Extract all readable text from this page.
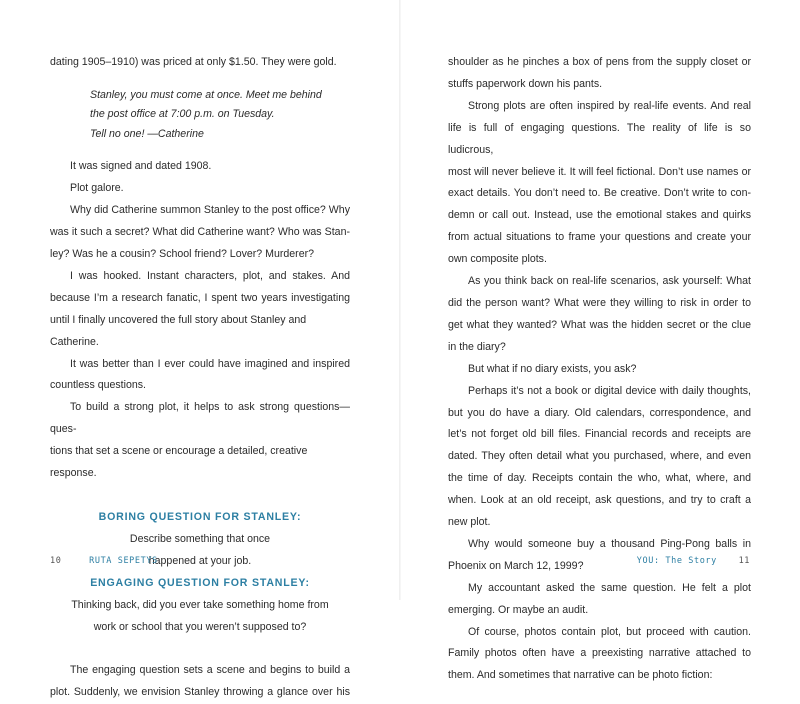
dating 1905–1910) was priced at only $1.50. They were gold.

Stanley, you must come at once. Meet me behind
the post office at 7:00 p.m. on Tuesday.
Tell no one! —Catherine

It was signed and dated 1908.

Plot galore.

Why did Catherine summon Stanley to the post office? Why

was it such a secret? What did Catherine want? Who was Stan-

ley? Was he a cousin? School friend? Lover? Murderer?

I was hooked. Instant characters, plot, and stakes. And

because I’m a research fanatic, I spent two years investigating

until I finally uncovered the full story about Stanley and Catherine.

It was better than I ever could have imagined and inspired

countless questions.

To build a strong plot, it helps to ask strong questions—ques-

tions that set a scene or encourage a detailed, creative response.

BORING QUESTION FOR STANLEY:

Describe something that once
happened at your job.

ENGAGING QUESTION FOR STANLEY:

Thinking back, did you ever take something home from
work or school that you weren’t supposed to?

The engaging question sets a scene and begins to build a

plot. Suddenly, we envision Stanley throwing a glance over his

10	RUTA SEPETYS

shoulder as he pinches a box of pens from the supply closet or

stuffs paperwork down his pants.

Strong plots are often inspired by real-life events. And real

life is full of engaging questions. The reality of life is so ludicrous,

most will never believe it. It will feel fictional. Don’t use names or

exact details. You don’t need to. Be creative. Don’t write to con-

demn or call out. Instead, use the emotional stakes and quirks

from actual situations to frame your questions and create your

own composite plots.

As you think back on real-life scenarios, ask yourself: What

did the person want? What were they willing to risk in order to

get what they wanted? What was the hidden secret or the clue

in the diary?

But what if no diary exists, you ask?

Perhaps it’s not a book or digital device with daily thoughts,

but you do have a diary. Old calendars, correspondence, and

let’s not forget old bill files. Financial records and receipts are

dated. They often detail what you purchased, where, and even

the time of day. Receipts contain the who, what, where, and

when. Look at an old receipt, ask questions, and try to craft a

new plot.

Why would someone buy a thousand Ping-Pong balls in

Phoenix on March 12, 1999?

My accountant asked the same question. He felt a plot

emerging. Or maybe an audit.

Of course, photos contain plot, but proceed with caution.

Family photos often have a preexisting narrative attached to

them. And sometimes that narrative can be photo fiction:

YOU: The Story	11
